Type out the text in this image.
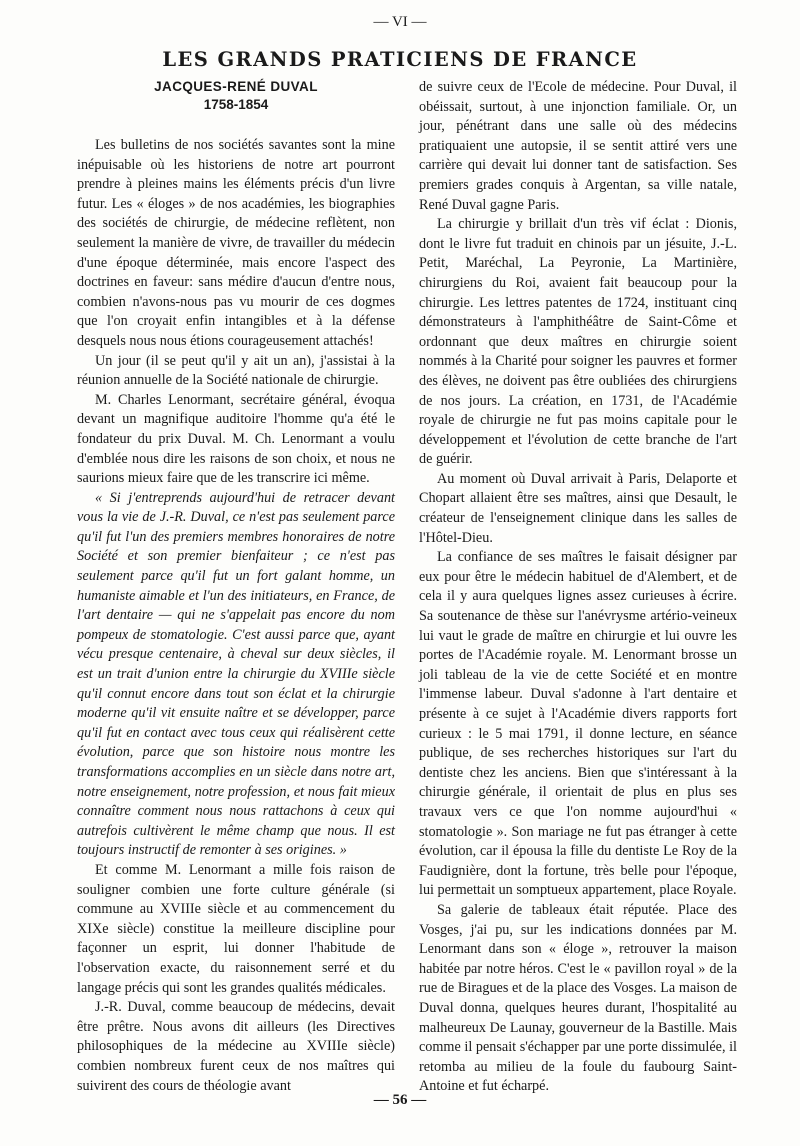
— VI —
LES GRANDS PRATICIENS DE FRANCE
JACQUES-RENÉ DUVAL
1758-1854

Les bulletins de nos sociétés savantes sont la mine inépuisable où les historiens de notre art pourront prendre à pleines mains les éléments précis d'un livre futur. Les « éloges » de nos académies, les biographies des sociétés de chirurgie, de médecine reflètent, non seulement la manière de vivre, de travailler du médecin d'une époque déterminée, mais encore l'aspect des doctrines en faveur: sans médire d'aucun d'entre nous, combien n'avons-nous pas vu mourir de ces dogmes que l'on croyait enfin intangibles et à la défense desquels nous nous étions courageusement attachés!

Un jour (il se peut qu'il y ait un an), j'assistai à la réunion annuelle de la Société nationale de chirurgie.

M. Charles Lenormant, secrétaire général, évoqua devant un magnifique auditoire l'homme qu'a été le fondateur du prix Duval. M. Ch. Lenormant a voulu d'emblée nous dire les raisons de son choix, et nous ne saurions mieux faire que de les transcrire ici même.

« Si j'entreprends aujourd'hui de retracer devant vous la vie de J.-R. Duval, ce n'est pas seulement parce qu'il fut l'un des premiers membres honoraires de notre Société et son premier bienfaiteur ; ce n'est pas seulement parce qu'il fut un fort galant homme, un humaniste aimable et l'un des initiateurs, en France, de l'art dentaire — qui ne s'appelait pas encore du nom pompeux de stomatologie. C'est aussi parce que, ayant vécu presque centenaire, à cheval sur deux siècles, il est un trait d'union entre la chirurgie du XVIIIe siècle qu'il connut encore dans tout son éclat et la chirurgie moderne qu'il vit ensuite naître et se développer, parce qu'il fut en contact avec tous ceux qui réalisèrent cette évolution, parce que son histoire nous montre les transformations accomplies en un siècle dans notre art, notre enseignement, notre profession, et nous fait mieux connaître comment nous nous rattachons à ceux qui autrefois cultivèrent le même champ que nous. Il est toujours instructif de remonter à ses origines. »

Et comme M. Lenormant a mille fois raison de souligner combien une forte culture générale (si commune au XVIIIe siècle et au commencement du XIXe siècle) constitue la meilleure discipline pour façonner un esprit, lui donner l'habitude de l'observation exacte, du raisonnement serré et du langage précis qui sont les grandes qualités médicales.

J.-R. Duval, comme beaucoup de médecins, devait être prêtre. Nous avons dit ailleurs (les Directives philosophiques de la médecine au XVIIIe siècle) combien nombreux furent ceux de nos maîtres qui suivirent des cours de théologie avant

de suivre ceux de l'Ecole de médecine. Pour Duval, il obéissait, surtout, à une injonction familiale. Or, un jour, pénétrant dans une salle où des médecins pratiquaient une autopsie, il se sentit attiré vers une carrière qui devait lui donner tant de satisfaction. Ses premiers grades conquis à Argentan, sa ville natale, René Duval gagne Paris.

La chirurgie y brillait d'un très vif éclat : Dionis, dont le livre fut traduit en chinois par un jésuite, J.-L. Petit, Maréchal, La Peyronie, La Martinière, chirurgiens du Roi, avaient fait beaucoup pour la chirurgie. Les lettres patentes de 1724, instituant cinq démonstrateurs à l'amphithéâtre de Saint-Côme et ordonnant que deux maîtres en chirurgie soient nommés à la Charité pour soigner les pauvres et former des élèves, ne doivent pas être oubliées des chirurgiens de nos jours. La création, en 1731, de l'Académie royale de chirurgie ne fut pas moins capitale pour le développement et l'évolution de cette branche de l'art de guérir.

Au moment où Duval arrivait à Paris, Delaporte et Chopart allaient être ses maîtres, ainsi que Desault, le créateur de l'enseignement clinique dans les salles de l'Hôtel-Dieu.

La confiance de ses maîtres le faisait désigner par eux pour être le médecin habituel de d'Alembert, et de cela il y aura quelques lignes assez curieuses à écrire. Sa soutenance de thèse sur l'anévrysme artério-veineux lui vaut le grade de maître en chirurgie et lui ouvre les portes de l'Académie royale. M. Lenormant brosse un joli tableau de la vie de cette Société et en montre l'immense labeur. Duval s'adonne à l'art dentaire et présente à ce sujet à l'Académie divers rapports fort curieux : le 5 mai 1791, il donne lecture, en séance publique, de ses recherches historiques sur l'art du dentiste chez les anciens. Bien que s'intéressant à la chirurgie générale, il orientait de plus en plus ses travaux vers ce que l'on nomme aujourd'hui « stomatologie ». Son mariage ne fut pas étranger à cette évolution, car il épousa la fille du dentiste Le Roy de la Faudignière, dont la fortune, très belle pour l'époque, lui permettait un somptueux appartement, place Royale.

Sa galerie de tableaux était réputée. Place des Vosges, j'ai pu, sur les indications données par M. Lenormant dans son « éloge », retrouver la maison habitée par notre héros. C'est le « pavillon royal » de la rue de Biragues et de la place des Vosges. La maison de Duval donna, quelques heures durant, l'hospitalité au malheureux De Launay, gouverneur de la Bastille. Mais comme il pensait s'échapper par une porte dissimulée, il retomba au milieu de la foule du faubourg Saint-Antoine et fut écharpé.

— 56 —
